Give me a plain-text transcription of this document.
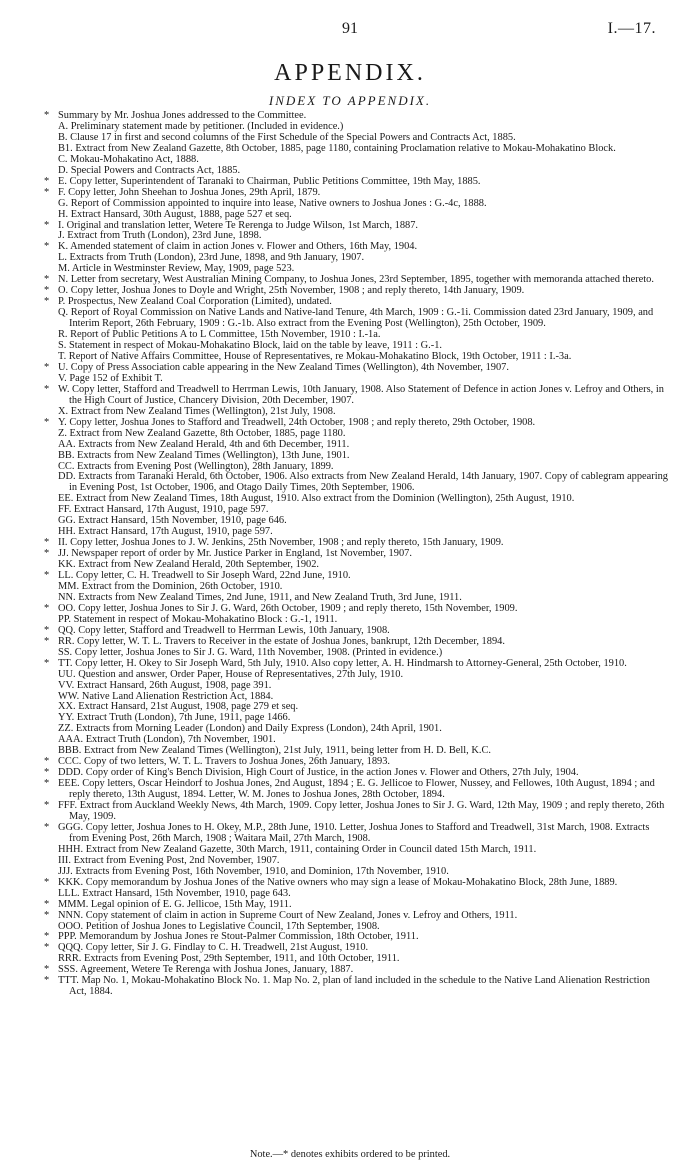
91	I.—17.
APPENDIX.
INDEX TO APPENDIX.
* Summary by Mr. Joshua Jones addressed to the Committee.
A. Preliminary statement made by petitioner. (Included in evidence.)
B. Clause 17 in first and second columns of the First Schedule of the Special Powers and Contracts Act, 1885.
B1. Extract from New Zealand Gazette, 8th October, 1885, page 1180, containing Proclamation relative to Mokau-Mohakatino Block.
C. Mokau-Mohakatino Act, 1888.
D. Special Powers and Contracts Act, 1885.
* E. Copy letter, Superintendent of Taranaki to Chairman, Public Petitions Committee, 19th May, 1885.
* F. Copy letter, John Sheehan to Joshua Jones, 29th April, 1879.
G. Report of Commission appointed to inquire into lease, Native owners to Joshua Jones : G.-4c, 1888.
H. Extract Hansard, 30th August, 1888, page 527 et seq.
* I. Original and translation letter, Wetere Te Rerenga to Judge Wilson, 1st March, 1887.
J. Extract from Truth (London), 23rd June, 1898.
* K. Amended statement of claim in action Jones v. Flower and Others, 16th May, 1904.
L. Extracts from Truth (London), 23rd June, 1898, and 9th January, 1907.
M. Article in Westminster Review, May, 1909, page 523.
* N. Letter from secretary, West Australian Mining Company, to Joshua Jones, 23rd September, 1895, together with memoranda attached thereto.
* O. Copy letter, Joshua Jones to Doyle and Wright, 25th November, 1908 ; and reply thereto, 14th January, 1909.
* P. Prospectus, New Zealand Coal Corporation (Limited), undated.
Q. Report of Royal Commission on Native Lands and Native-land Tenure, 4th March, 1909 : G.-1i. Commission dated 23rd January, 1909, and Interim Report, 26th February, 1909 : G.-1b. Also extract from the Evening Post (Wellington), 25th October, 1909.
R. Report of Public Petitions A to L Committee, 15th November, 1910 : I.-1a.
S. Statement in respect of Mokau-Mohakatino Block, laid on the table by leave, 1911 : G.-1.
T. Report of Native Affairs Committee, House of Representatives, re Mokau-Mohakatino Block, 19th October, 1911 : I.-3a.
* U. Copy of Press Association cable appearing in the New Zealand Times (Wellington), 4th November, 1907.
V. Page 152 of Exhibit T.
* W. Copy letter, Stafford and Treadwell to Herrman Lewis, 10th January, 1908. Also Statement of Defence in action Jones v. Lefroy and Others, in the High Court of Justice, Chancery Division, 20th December, 1907.
X. Extract from New Zealand Times (Wellington), 21st July, 1908.
* Y. Copy letter, Joshua Jones to Stafford and Treadwell, 24th October, 1908 ; and reply thereto, 29th October, 1908.
Z. Extract from New Zealand Gazette, 8th October, 1885, page 1180.
AA. Extracts from New Zealand Herald, 4th and 6th December, 1911.
BB. Extracts from New Zealand Times (Wellington), 13th June, 1901.
CC. Extracts from Evening Post (Wellington), 28th January, 1899.
DD. Extracts from Taranaki Herald, 6th October, 1906. Also extracts from New Zealand Herald, 14th January, 1907. Copy of cablegram appearing in Evening Post, 1st October, 1906, and Otago Daily Times, 20th September, 1906.
EE. Extract from New Zealand Times, 18th August, 1910. Also extract from the Dominion (Wellington), 25th August, 1910.
FF. Extract Hansard, 17th August, 1910, page 597.
GG. Extract Hansard, 15th November, 1910, page 646.
HH. Extract Hansard, 17th August, 1910, page 597.
* II. Copy letter, Joshua Jones to J. W. Jenkins, 25th November, 1908 ; and reply thereto, 15th January, 1909.
* JJ. Newspaper report of order by Mr. Justice Parker in England, 1st November, 1907.
KK. Extract from New Zealand Herald, 20th September, 1902.
* LL. Copy letter, C. H. Treadwell to Sir Joseph Ward, 22nd June, 1910.
MM. Extract from the Dominion, 26th October, 1910.
NN. Extracts from New Zealand Times, 2nd June, 1911, and New Zealand Truth, 3rd June, 1911.
* OO. Copy letter, Joshua Jones to Sir J. G. Ward, 26th October, 1909 ; and reply thereto, 15th November, 1909.
PP. Statement in respect of Mokau-Mohakatino Block : G.-1, 1911.
* QQ. Copy letter, Stafford and Treadwell to Herrman Lewis, 10th January, 1908.
* RR. Copy letter, W. T. L. Travers to Receiver in the estate of Joshua Jones, bankrupt, 12th December, 1894.
SS. Copy letter, Joshua Jones to Sir J. G. Ward, 11th November, 1908. (Printed in evidence.)
* TT. Copy letter, H. Okey to Sir Joseph Ward, 5th July, 1910. Also copy letter, A. H. Hindmarsh to Attorney-General, 25th October, 1910.
UU. Question and answer, Order Paper, House of Representatives, 27th July, 1910.
VV. Extract Hansard, 26th August, 1908, page 391.
WW. Native Land Alienation Restriction Act, 1884.
XX. Extract Hansard, 21st August, 1908, page 279 et seq.
YY. Extract Truth (London), 7th June, 1911, page 1466.
ZZ. Extracts from Morning Leader (London) and Daily Express (London), 24th April, 1901.
AAA. Extract Truth (London), 7th November, 1901.
BBB. Extract from New Zealand Times (Wellington), 21st July, 1911, being letter from H. D. Bell, K.C.
* CCC. Copy of two letters, W. T. L. Travers to Joshua Jones, 26th January, 1893.
* DDD. Copy order of King's Bench Division, High Court of Justice, in the action Jones v. Flower and Others, 27th July, 1904.
* EEE. Copy letters, Oscar Heindorf to Joshua Jones, 2nd August, 1894 ; E. G. Jellicoe to Flower, Nussey, and Fellowes, 10th August, 1894 ; and reply thereto, 13th August, 1894. Letter, W. M. Jones to Joshua Jones, 28th October, 1894.
* FFF. Extract from Auckland Weekly News, 4th March, 1909. Copy letter, Joshua Jones to Sir J. G. Ward, 12th May, 1909 ; and reply thereto, 26th May, 1909.
* GGG. Copy letter, Joshua Jones to H. Okey, M.P., 28th June, 1910. Letter, Joshua Jones to Stafford and Treadwell, 31st March, 1908. Extracts from Evening Post, 26th March, 1908 ; Waitara Mail, 27th March, 1908.
HHH. Extract from New Zealand Gazette, 30th March, 1911, containing Order in Council dated 15th March, 1911.
III. Extract from Evening Post, 2nd November, 1907.
JJJ. Extracts from Evening Post, 16th November, 1910, and Dominion, 17th November, 1910.
* KKK. Copy memorandum by Joshua Jones of the Native owners who may sign a lease of Mokau-Mohakatino Block, 28th June, 1889.
LLL. Extract Hansard, 15th November, 1910, page 643.
* MMM. Legal opinion of E. G. Jellicoe, 15th May, 1911.
* NNN. Copy statement of claim in action in Supreme Court of New Zealand, Jones v. Lefroy and Others, 1911.
OOO. Petition of Joshua Jones to Legislative Council, 17th September, 1908.
* PPP. Memorandum by Joshua Jones re Stout-Palmer Commission, 18th October, 1911.
* QQQ. Copy letter, Sir J. G. Findlay to C. H. Treadwell, 21st August, 1910.
RRR. Extracts from Evening Post, 29th September, 1911, and 10th October, 1911.
* SSS. Agreement, Wetere Te Rerenga with Joshua Jones, January, 1887.
* TTT. Map No. 1, Mokau-Mohakatino Block No. 1. Map No. 2, plan of land included in the schedule to the Native Land Alienation Restriction Act, 1884.
Note.—* denotes exhibits ordered to be printed.
